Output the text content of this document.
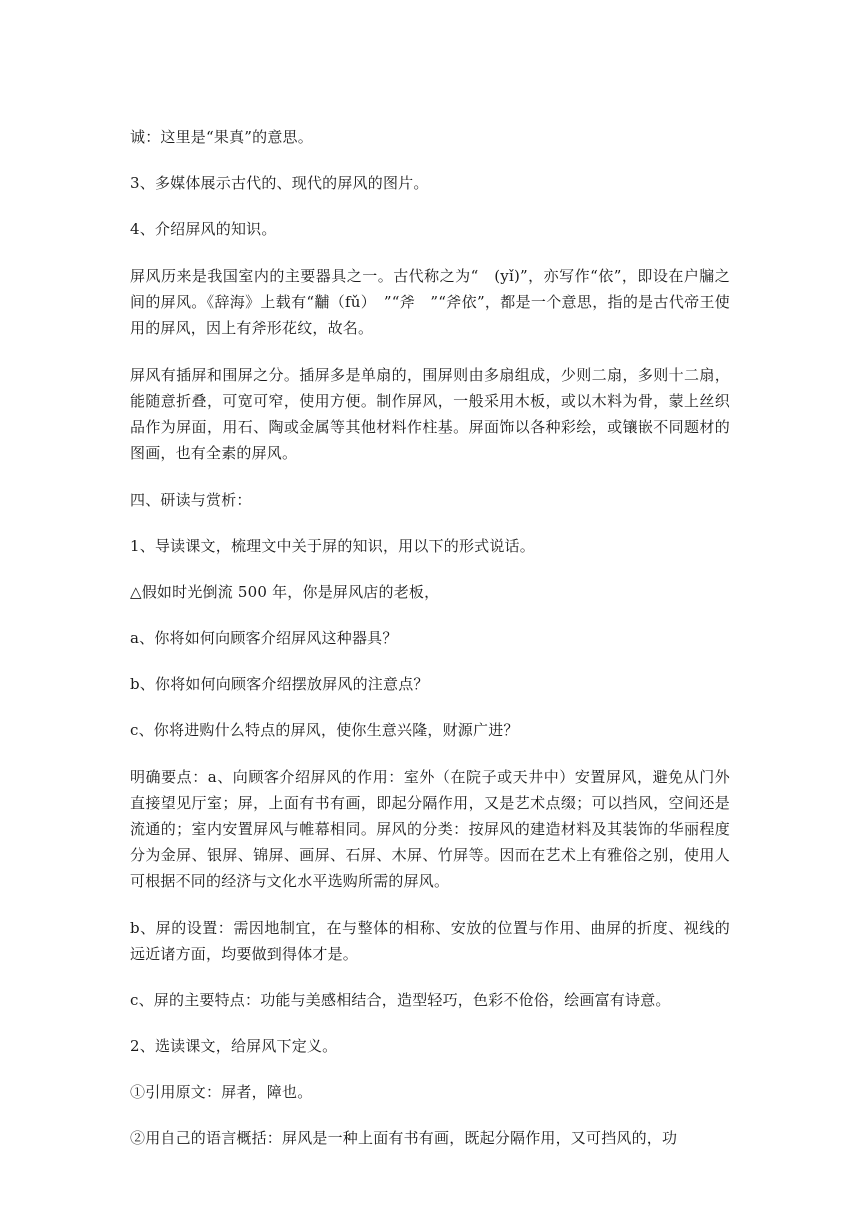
诚：这里是“果真”的意思。

3、多媒体展示古代的、现代的屏风的图片。

4、介绍屏风的知识。

屏风历来是我国室内的主要器具之一。古代称之为“　(yǐ)”，亦写作“依”，即设在户牖之间的屏风。《辞海》上载有“黼（fǔ）　”“斧　”“斧依”，都是一个意思，指的是古代帝王使用的屏风，因上有斧形花纹，故名。

屏风有插屏和围屏之分。插屏多是单扇的，围屏则由多扇组成，少则二扇，多则十二扇，能随意折叠，可宽可窄，使用方便。制作屏风，一般采用木板，或以木料为骨，蒙上丝织品作为屏面，用石、陶或金属等其他材料作柱基。屏面饰以各种彩绘，或镶嵌不同题材的图画，也有全素的屏风。

四、研读与赏析：

1、导读课文，梳理文中关于屏的知识，用以下的形式说话。

△假如时光倒流 500 年，你是屏风店的老板，

a、你将如何向顾客介绍屏风这种器具？

b、你将如何向顾客介绍摆放屏风的注意点？

c、你将进购什么特点的屏风，使你生意兴隆，财源广进？

明确要点：a、向顾客介绍屏风的作用：室外（在院子或天井中）安置屏风，避免从门外直接望见厅室；屏，上面有书有画，即起分隔作用，又是艺术点缀；可以挡风，空间还是流通的；室内安置屏风与帷幕相同。屏风的分类：按屏风的建造材料及其装饰的华丽程度分为金屏、银屏、锦屏、画屏、石屏、木屏、竹屏等。因而在艺术上有雅俗之别，使用人可根据不同的经济与文化水平选购所需的屏风。

b、屏的设置：需因地制宜，在与整体的相称、安放的位置与作用、曲屏的折度、视线的远近诸方面，均要做到得体才是。

c、屏的主要特点：功能与美感相结合，造型轻巧，色彩不伧俗，绘画富有诗意。

2、选读课文，给屏风下定义。

①引用原文：屏者，障也。

②用自己的语言概括：屏风是一种上面有书有画，既起分隔作用，又可挡风的，功
